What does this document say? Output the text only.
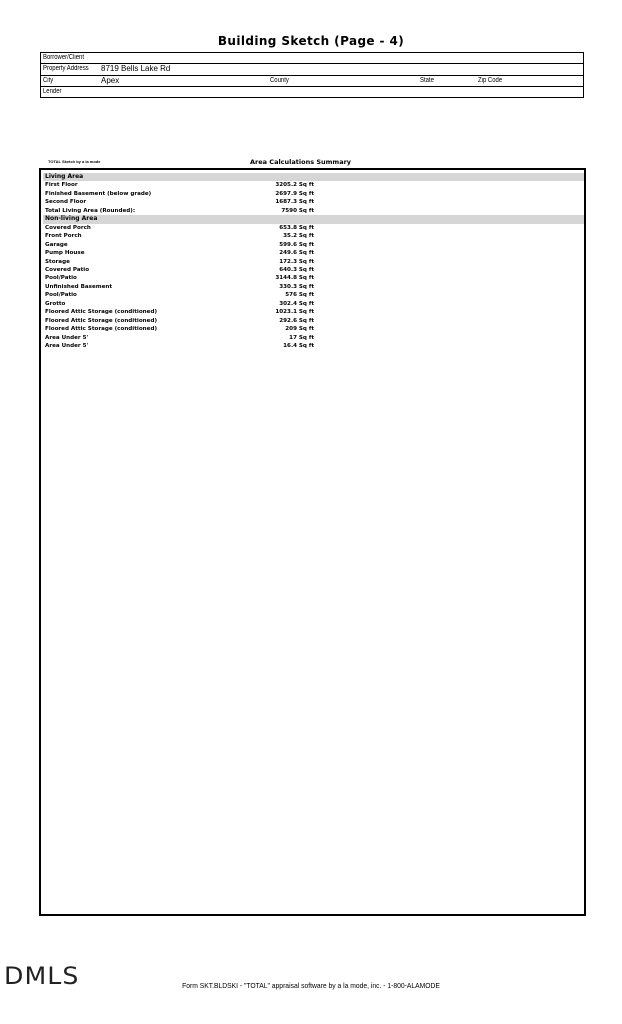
Building Sketch (Page - 4)
Borrower/Client
Property Address 8719 Bells Lake Rd
City	Apex	County	State	Zip Code
Lender
TOTAL Sketch by a la mode	Area Calculations Summary
Living Area
First Floor	3205.2 Sq ft
Finished Basement (below grade)	2697.9 Sq ft
Second Floor	1687.3 Sq ft
Total Living Area (Rounded):	7590 Sq ft
Non-living Area
Covered Porch	653.8 Sq ft
Front Porch	35.2 Sq ft
Garage	599.6 Sq ft
Pump House	249.6 Sq ft
Storage	172.3 Sq ft
Covered Patio	640.3 Sq ft
Pool/Patio	3144.8 Sq ft
Unfinished Basement	330.3 Sq ft
Pool/Patio	576 Sq ft
Grotto	302.4 Sq ft
Floored Attic Storage (conditioned)	1023.1 Sq ft
Floored Attic Storage (conditioned)	292.6 Sq ft
Floored Attic Storage (conditioned)	209 Sq ft
Area Under 5'	17 Sq ft
Area Under 5'	16.4 Sq ft
DMLS	Form SKT.BLDSKI - "TOTAL" appraisal software by a la mode, inc. - 1-800-ALAMODE
